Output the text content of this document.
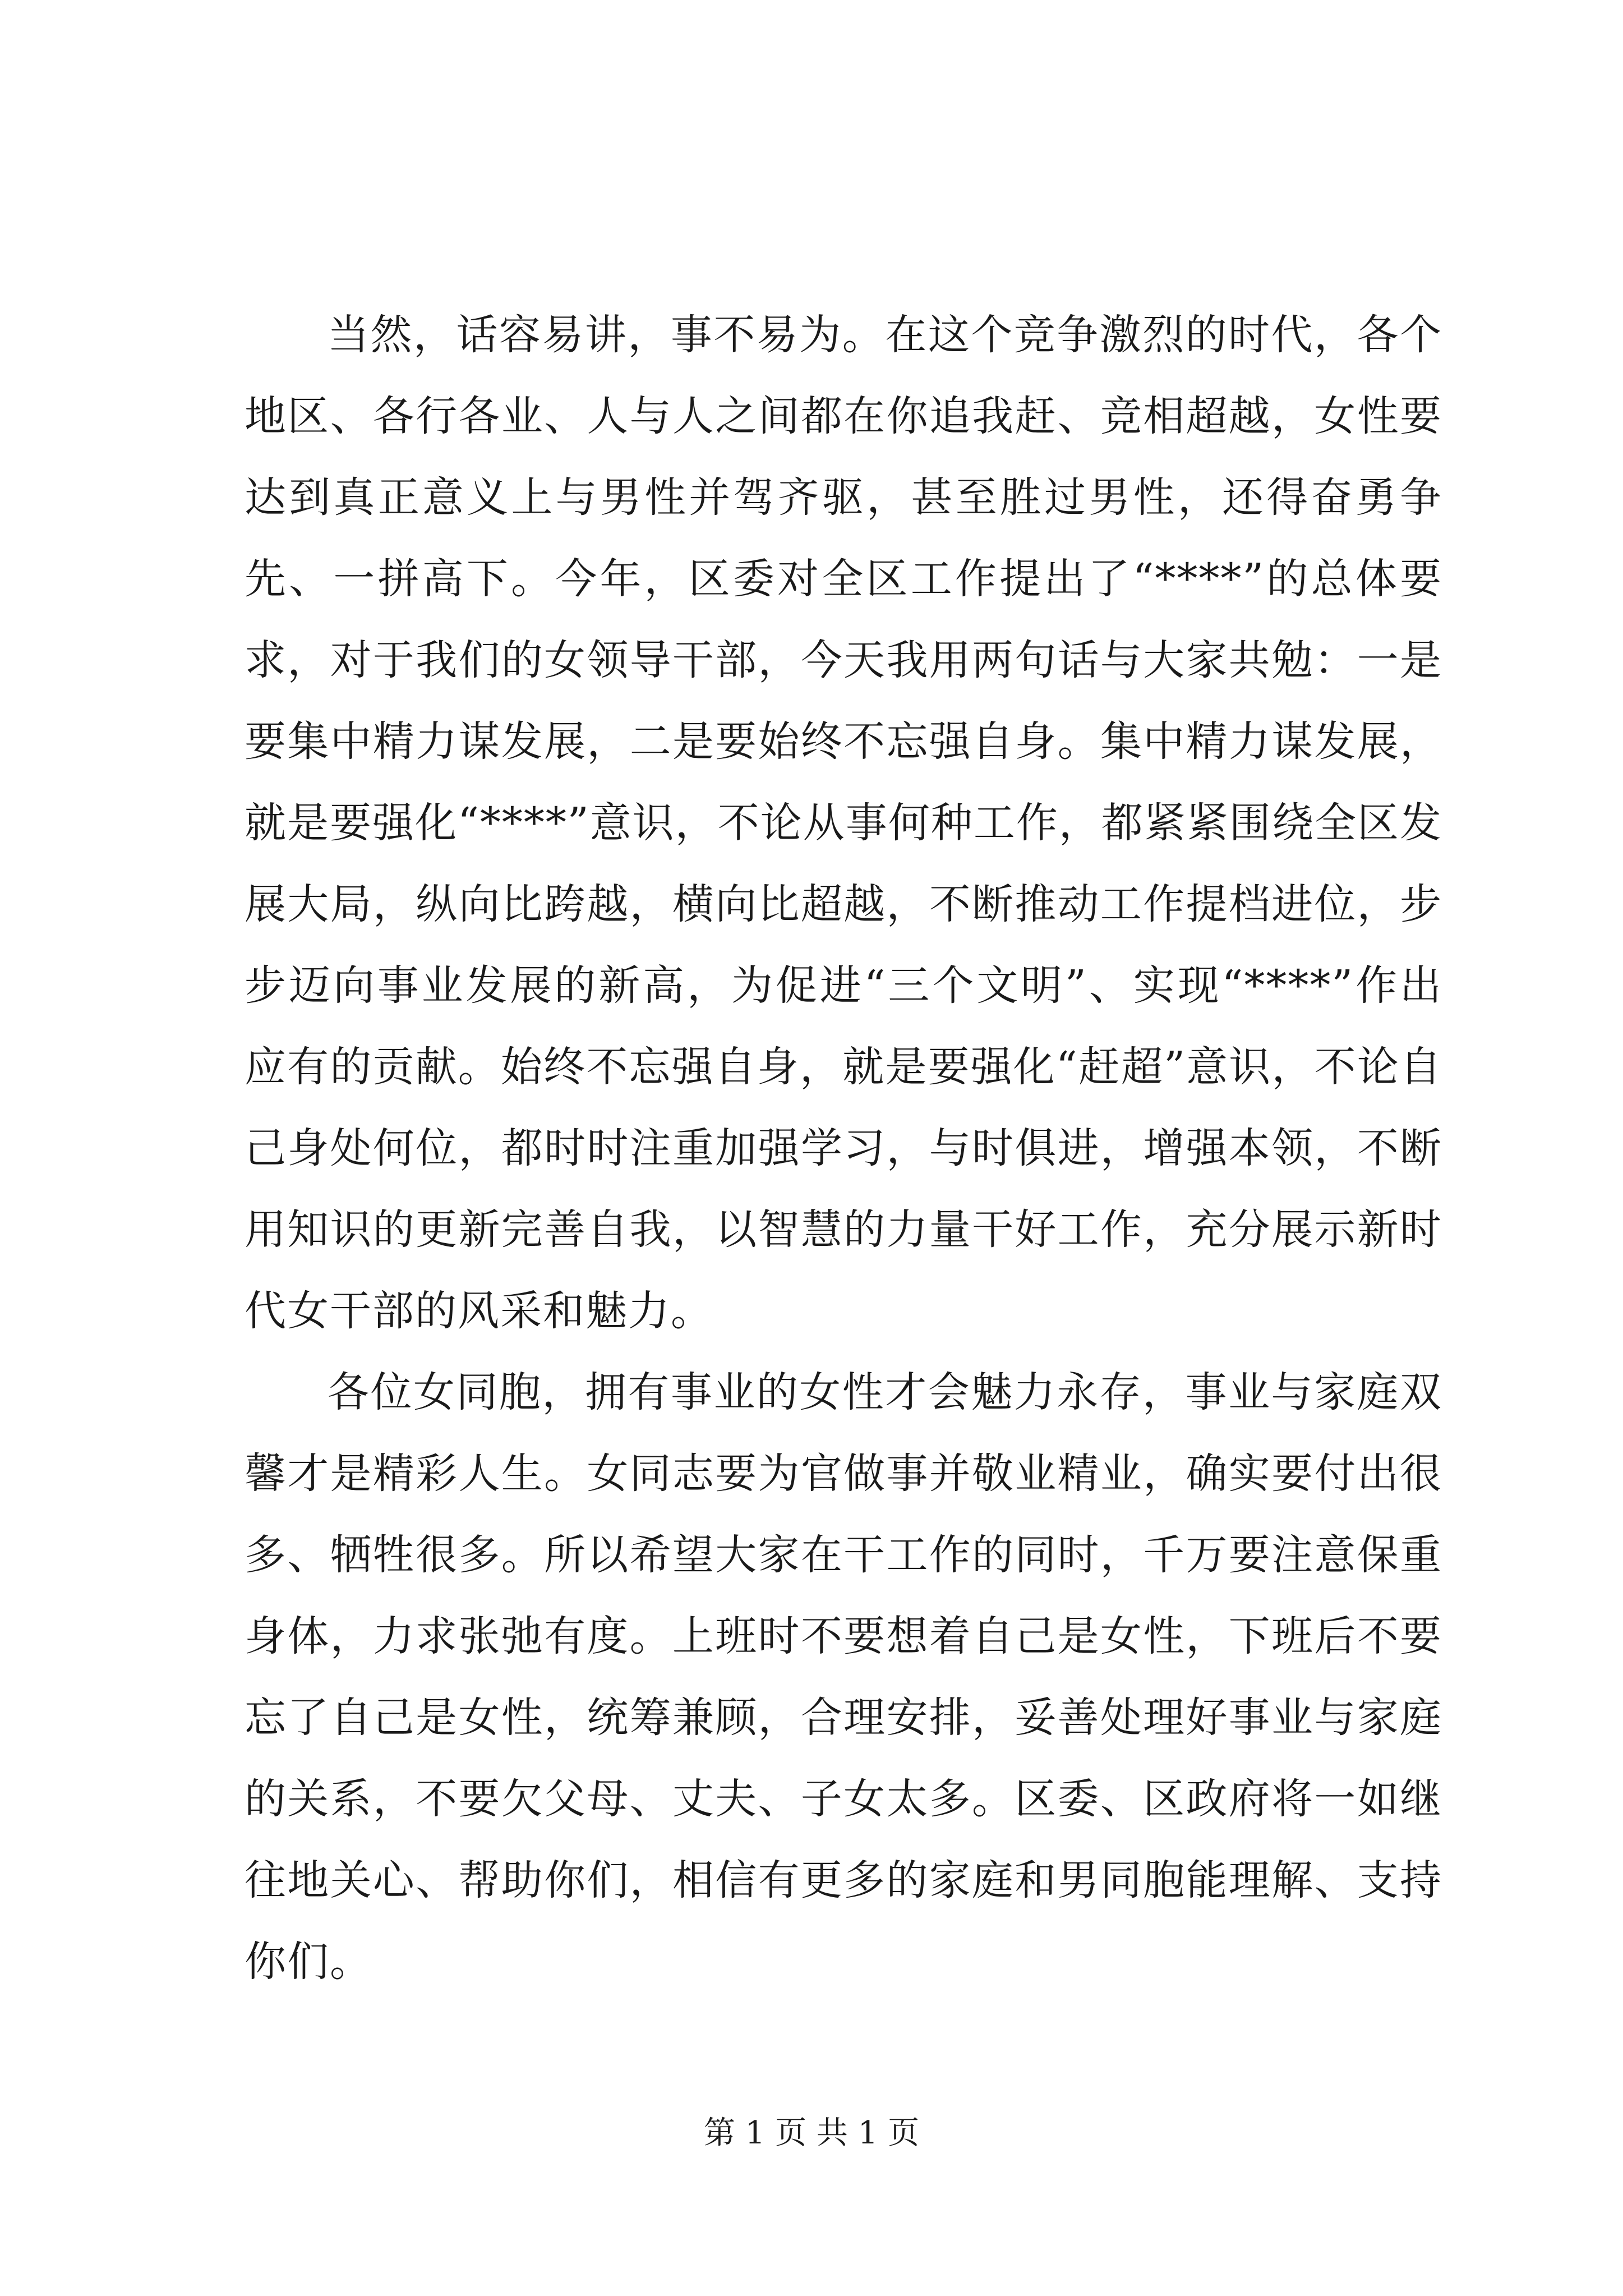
当然，话容易讲，事不易为。在这个竞争激烈的时代，各个地区、各行各业、人与人之间都在你追我赶、竞相超越，女性要达到真正意义上与男性并驾齐驱，甚至胜过男性，还得奋勇争先、一拼高下。今年，区委对全区工作提出了“****”的总体要求，对于我们的女领导干部，今天我用两句话与大家共勉：一是要集中精力谋发展，二是要始终不忘强自身。集中精力谋发展，就是要强化“****”意识，不论从事何种工作，都紧紧围绕全区发展大局，纵向比跨越，横向比超越，不断推动工作提档进位，步步迈向事业发展的新高，为促进“三个文明”、实现“****”作出应有的贡献。始终不忘强自身，就是要强化“赶超”意识，不论自己身处何位，都时时注重加强学习，与时俱进，增强本领，不断用知识的更新完善自我，以智慧的力量干好工作，充分展示新时代女干部的风采和魅力。

各位女同胞，拥有事业的女性才会魅力永存，事业与家庭双馨才是精彩人生。女同志要为官做事并敬业精业，确实要付出很多、牺牲很多。所以希望大家在干工作的同时，千万要注意保重身体，力求张弛有度。上班时不要想着自己是女性，下班后不要忘了自己是女性，统筹兼顾，合理安排，妥善处理好事业与家庭的关系，不要欠父母、丈夫、子女太多。区委、区政府将一如继往地关心、帮助你们，相信有更多的家庭和男同胞能理解、支持你们。

第 1 页 共 1 页
